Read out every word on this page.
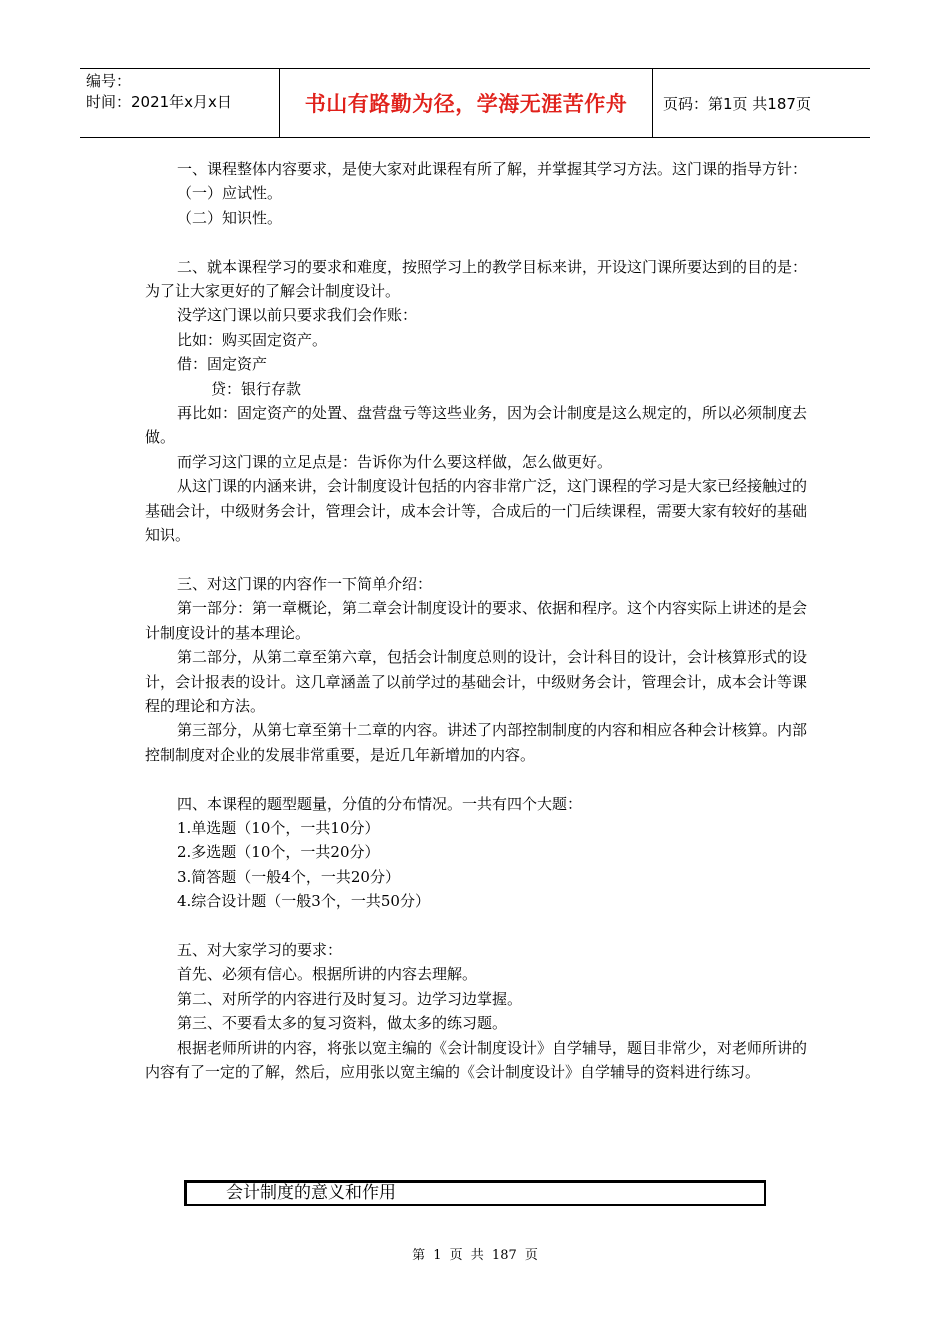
编号：
时间：2021年x月x日	书山有路勤为径，学海无涯苦作舟	页码：第1页 共187页

一、课程整体内容要求，是使大家对此课程有所了解，并掌握其学习方法。这门课的指导方针：

（一）应试性。

（二）知识性。

二、就本课程学习的要求和难度，按照学习上的教学目标来讲，开设这门课所要达到的目的是：为了让大家更好的了解会计制度设计。

没学这门课以前只要求我们会作账：

比如：购买固定资产。

借：固定资产

贷：银行存款

再比如：固定资产的处置、盘营盘亏等这些业务，因为会计制度是这么规定的，所以必须制度去做。

而学习这门课的立足点是：告诉你为什么要这样做，怎么做更好。

从这门课的内涵来讲，会计制度设计包括的内容非常广泛，这门课程的学习是大家已经接触过的基础会计，中级财务会计，管理会计，成本会计等，合成后的一门后续课程，需要大家有较好的基础知识。

三、对这门课的内容作一下简单介绍：

第一部分：第一章概论，第二章会计制度设计的要求、依据和程序。这个内容实际上讲述的是会计制度设计的基本理论。

第二部分，从第二章至第六章，包括会计制度总则的设计，会计科目的设计，会计核算形式的设计，会计报表的设计。这几章涵盖了以前学过的基础会计，中级财务会计，管理会计，成本会计等课程的理论和方法。

第三部分，从第七章至第十二章的内容。讲述了内部控制制度的内容和相应各种会计核算。内部控制制度对企业的发展非常重要，是近几年新增加的内容。

四、本课程的题型题量，分值的分布情况。一共有四个大题：

1.单选题（10个，一共10分）

2.多选题（10个，一共20分）

3.简答题（一般4个，一共20分）

4.综合设计题（一般3个，一共50分）

五、对大家学习的要求：

首先、必须有信心。根据所讲的内容去理解。

第二、对所学的内容进行及时复习。边学习边掌握。

第三、不要看太多的复习资料，做太多的练习题。

根据老师所讲的内容，将张以宽主编的《会计制度设计》自学辅导，题目非常少，对老师所讲的内容有了一定的了解，然后，应用张以宽主编的《会计制度设计》自学辅导的资料进行练习。

会计制度的意义和作用
第 1 页 共 187 页
